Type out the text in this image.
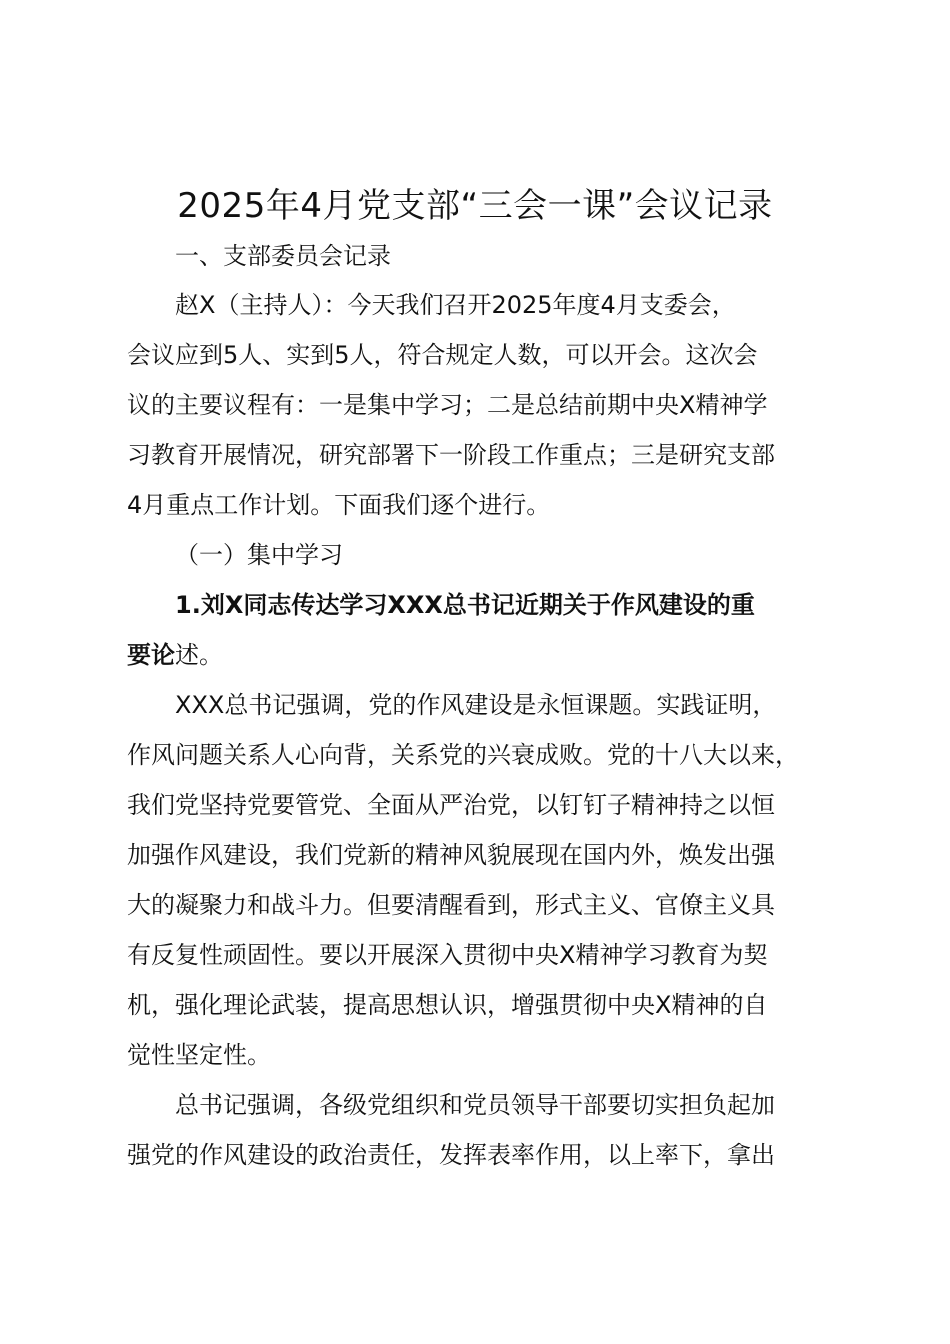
2025年4月党支部“三会一课”会议记录

一、支部委员会记录

赵X（主持人）：今天我们召开2025年度4月支委会，

会议应到5人、实到5人，符合规定人数，可以开会。这次会

议的主要议程有：一是集中学习；二是总结前期中央X精神学

习教育开展情况，研究部署下一阶段工作重点；三是研究支部

4月重点工作计划。下面我们逐个进行。

（一）集中学习

1.刘X同志传达学习XXX总书记近期关于作风建设的重

要论述。

XXX总书记强调，党的作风建设是永恒课题。实践证明，

作风问题关系人心向背，关系党的兴衰成败。党的十八大以来，

我们党坚持党要管党、全面从严治党，以钉钉子精神持之以恒

加强作风建设，我们党新的精神风貌展现在国内外，焕发出强

大的凝聚力和战斗力。但要清醒看到，形式主义、官僚主义具

有反复性顽固性。要以开展深入贯彻中央X精神学习教育为契

机，强化理论武装，提高思想认识，增强贯彻中央X精神的自

觉性坚定性。

总书记强调，各级党组织和党员领导干部要切实担负起加

强党的作风建设的政治责任，发挥表率作用，以上率下，拿出
